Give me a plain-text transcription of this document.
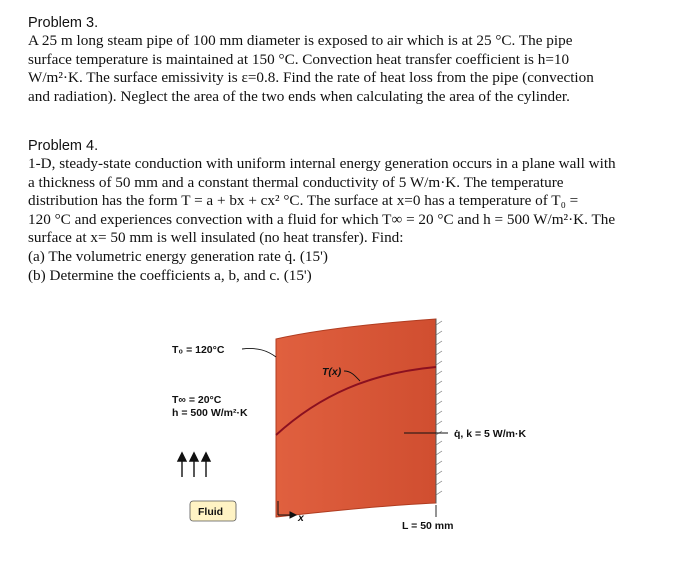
Problem 3.

A 25 m long steam pipe of 100 mm diameter is exposed to air which is at 25 °C. The pipe

surface temperature is maintained at 150 °C. Convection heat transfer coefficient is h=10

W/m²·K. The surface emissivity is ε=0.8. Find the rate of heat loss from the pipe (convection

and radiation). Neglect the area of the two ends when calculating the area of the cylinder.

Problem 4.

1-D, steady-state conduction with uniform internal energy generation occurs in a plane wall with

a thickness of 50 mm and a constant thermal conductivity of 5 W/m·K. The temperature

distribution has the form T = a + bx + cx² °C. The surface at x=0 has a temperature of T₀ =

120 °C and experiences convection with a fluid for which T∞ = 20 °C and h = 500 W/m²·K. The

surface at x= 50 mm is well insulated (no heat transfer). Find:

(a) The volumetric energy generation rate q̇. (15')

(b) Determine the coefficients a, b, and c. (15')

T₀ = 120°C
T(x)
T∞ = 20°C
h = 500 W/m²·K
q̇, k = 5 W/m·K
Fluid	x
L = 50 mm
